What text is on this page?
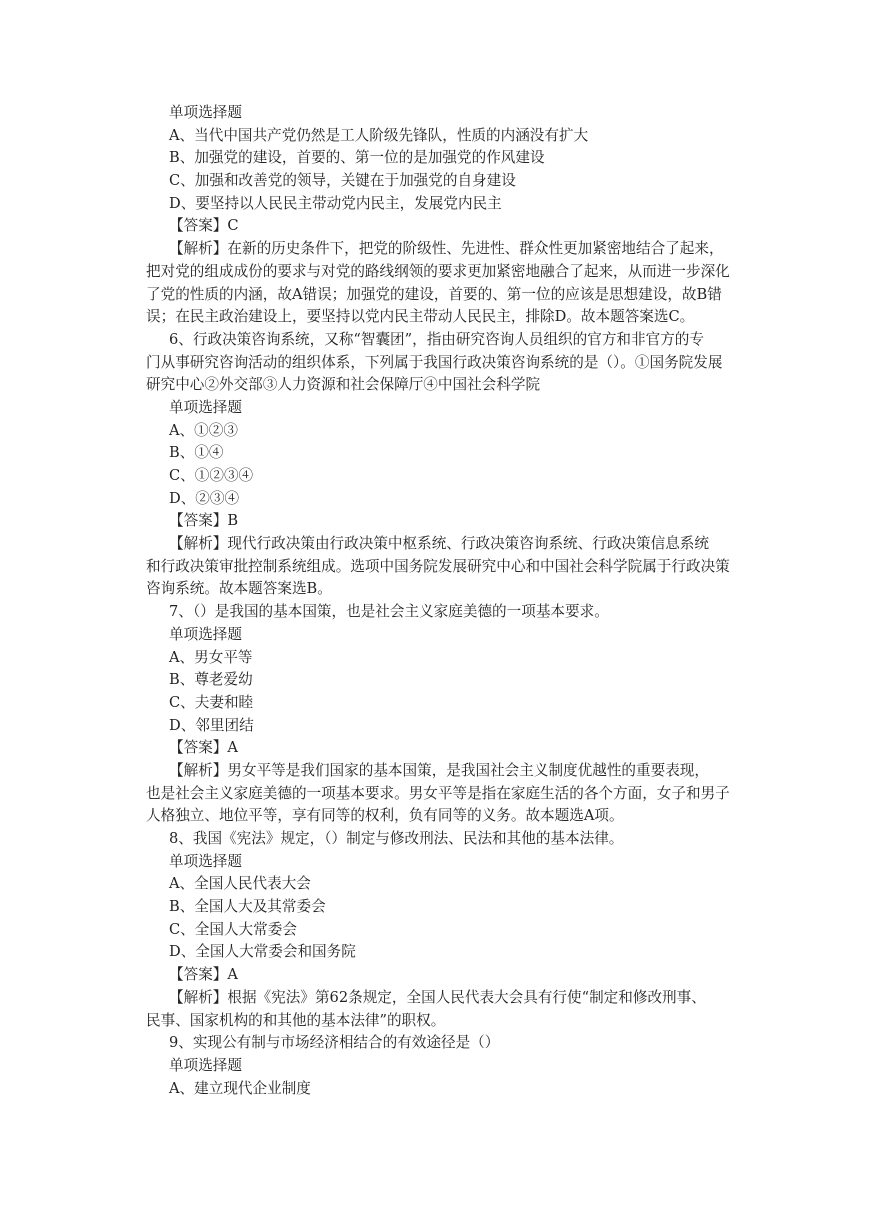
单项选择题
A、当代中国共产党仍然是工人阶级先锋队，性质的内涵没有扩大
B、加强党的建设，首要的、第一位的是加强党的作风建设
C、加强和改善党的领导，关键在于加强党的自身建设
D、要坚持以人民民主带动党内民主，发展党内民主
【答案】C
【解析】在新的历史条件下，把党的阶级性、先进性、群众性更加紧密地结合了起来，
把对党的组成成份的要求与对党的路线纲领的要求更加紧密地融合了起来，从而进一步深化
了党的性质的内涵，故A错误；加强党的建设，首要的、第一位的应该是思想建设，故B错
误；在民主政治建设上，要坚持以党内民主带动人民民主，排除D。故本题答案选C。
6、行政决策咨询系统，又称“智囊团”，指由研究咨询人员组织的官方和非官方的专
门从事研究咨询活动的组织体系，下列属于我国行政决策咨询系统的是（）。①国务院发展
研究中心②外交部③人力资源和社会保障厅④中国社会科学院
单项选择题
A、①②③
B、①④
C、①②③④
D、②③④
【答案】B
【解析】现代行政决策由行政决策中枢系统、行政决策咨询系统、行政决策信息系统
和行政决策审批控制系统组成。选项中国务院发展研究中心和中国社会科学院属于行政决策
咨询系统。故本题答案选B。
7、（）是我国的基本国策，也是社会主义家庭美德的一项基本要求。
单项选择题
A、男女平等
B、尊老爱幼
C、夫妻和睦
D、邻里团结
【答案】A
【解析】男女平等是我们国家的基本国策，是我国社会主义制度优越性的重要表现，
也是社会主义家庭美德的一项基本要求。男女平等是指在家庭生活的各个方面，女子和男子
人格独立、地位平等，享有同等的权利，负有同等的义务。故本题选A项。
8、我国《宪法》规定，（）制定与修改刑法、民法和其他的基本法律。
单项选择题
A、全国人民代表大会
B、全国人大及其常委会
C、全国人大常委会
D、全国人大常委会和国务院
【答案】A
【解析】根据《宪法》第62条规定，全国人民代表大会具有行使“制定和修改刑事、
民事、国家机构的和其他的基本法律”的职权。
9、实现公有制与市场经济相结合的有效途径是（）
单项选择题
A、建立现代企业制度
